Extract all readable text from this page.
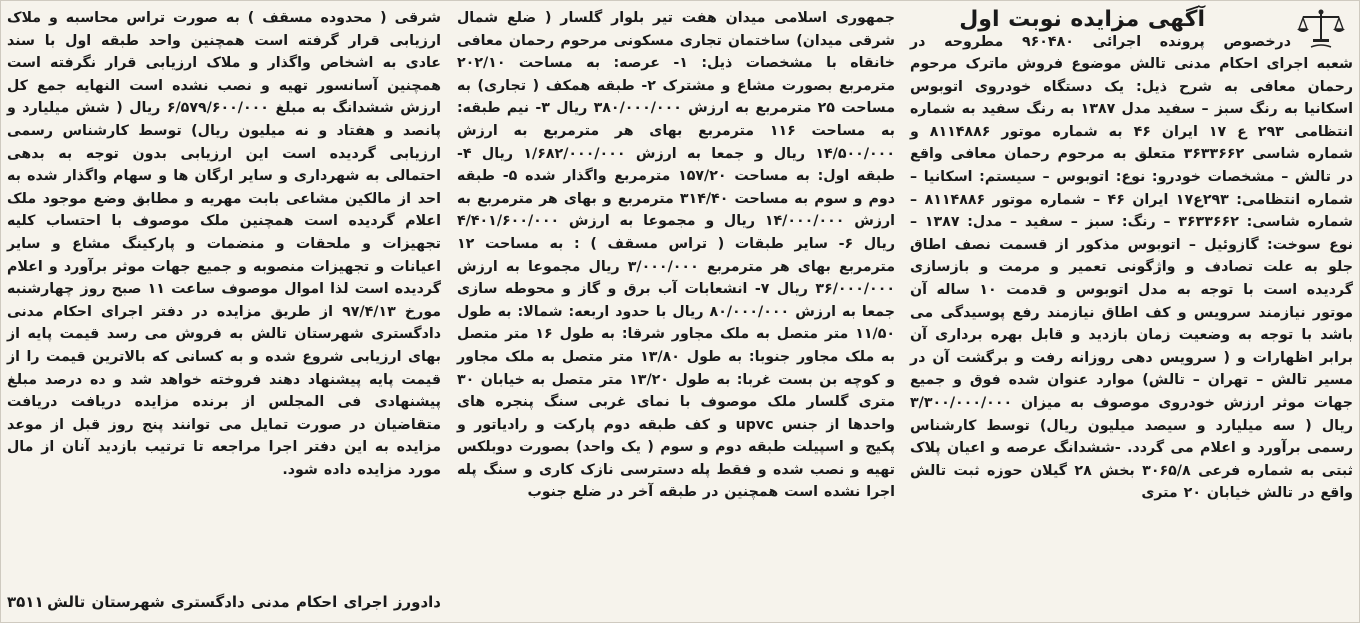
آگهی مزایده نوبت اول
درخصوص پرونده اجرائی ۹۶۰۴۸۰ مطروحه در

شعبه اجرای احکام مدنی تالش موضوع فروش ماترک مرحوم رحمان معافی به شرح ذیل: یک دستگاه خودروی اتوبوس اسکانیا به رنگ سبز – سفید مدل ۱۳۸۷ به رنگ سفید به شماره انتظامی ۲۹۳ ع ۱۷ ایران ۴۶ به شماره موتور ۸۱۱۴۸۸۶ و شماره شاسی ۳۶۳۳۶۶۲ متعلق به مرحوم رحمان معافی واقع در تالش – مشخصات خودرو: نوع: اتوبوس – سیستم: اسکانیا – شماره انتظامی: ۲۹۳ع۱۷ ایران ۴۶ – شماره موتور ۸۱۱۴۸۸۶ – شماره شاسی: ۳۶۳۳۶۶۲ – رنگ: سبز – سفید – مدل: ۱۳۸۷ – نوع سوخت: گازوئیل – اتوبوس مذکور از قسمت نصف اطاق جلو به علت تصادف و واژگونی تعمیر و مرمت و بازسازی گردیده است با توجه به مدل اتوبوس و قدمت ۱۰ ساله آن موتور نیازمند سرویس و کف اطاق نیازمند رفع پوسیدگی می باشد با توجه به وضعیت زمان بازدید و قابل بهره برداری آن برابر اظهارات و ( سرویس دهی روزانه رفت و برگشت آن در مسیر تالش – تهران – تالش) موارد عنوان شده فوق و جمیع جهات موثر ارزش خودروی موصوف به میزان ۳/۳۰۰/۰۰۰/۰۰۰ ریال ( سه میلیارد و سیصد میلیون ریال) توسط کارشناس رسمی برآورد و اعلام می گردد. -ششدانگ عرصه و اعیان پلاک ثبتی به شماره فرعی ۳۰۶۵/۸ بخش ۲۸ گیلان حوزه ثبت تالش واقع در تالش خیابان ۲۰ متری

جمهوری اسلامی میدان هفت تیر بلوار گلسار ( ضلع شمال شرقی میدان) ساختمان تجاری مسکونی مرحوم رحمان معافی خانقاه با مشخصات ذیل: ۱- عرصه: به مساحت ۲۰۲/۱۰ مترمربع بصورت مشاع و مشترک ۲- طبقه همکف ( تجاری) به مساحت ۲۵ مترمربع به ارزش ۳۸۰/۰۰۰/۰۰۰ ریال ۳- نیم طبقه: به مساحت ۱۱۶ مترمربع بهای هر مترمربع به ارزش ۱۴/۵۰۰/۰۰۰ ریال و جمعا به ارزش ۱/۶۸۲/۰۰۰/۰۰۰ ریال ۴- طبقه اول: به مساحت ۱۵۷/۲۰ مترمربع واگذار شده ۵- طبقه دوم و سوم به مساحت ۳۱۴/۴۰ مترمربع و بهای هر مترمربع به ارزش ۱۴/۰۰۰/۰۰۰ ریال و مجموعا به ارزش ۴/۴۰۱/۶۰۰/۰۰۰ ریال ۶- سایر طبقات ( تراس مسقف ) : به مساحت ۱۲ مترمربع بهای هر مترمربع ۳/۰۰۰/۰۰۰ ریال مجموعا به ارزش ۳۶/۰۰۰/۰۰۰ ریال ۷- انشعابات آب برق و گاز و محوطه سازی جمعا به ارزش ۸۰/۰۰۰/۰۰۰ ریال با حدود اربعه: شمالا: به طول ۱۱/۵۰ متر متصل به ملک مجاور شرقا: به طول ۱۶ متر متصل به ملک مجاور جنوبا: به طول ۱۳/۸۰ متر متصل به ملک مجاور و کوچه بن بست غربا: به طول ۱۳/۲۰ متر متصل به خیابان ۳۰ متری گلسار ملک موصوف با نمای غربی سنگ پنجره های واحدها از جنس upvc و کف طبقه دوم پارکت و رادیاتور و پکیج و اسپیلت طبقه دوم و سوم ( یک واحد) بصورت دوبلکس تهیه و نصب شده و فقط پله دسترسی نازک کاری و سنگ پله اجرا نشده است همچنین در طبقه آخر در ضلع جنوب

شرقی ( محدوده مسقف ) به صورت تراس محاسبه و ملاک ارزیابی قرار گرفته است همچنین واحد طبقه اول با سند عادی به اشخاص واگذار و ملاک ارزیابی قرار نگرفته است همچنین آسانسور تهیه و نصب نشده است النهایه جمع کل ارزش ششدانگ به مبلغ ۶/۵۷۹/۶۰۰/۰۰۰ ریال ( شش میلیارد و پانصد و هفتاد و نه میلیون ریال) توسط کارشناس رسمی ارزیابی گردیده است این ارزیابی بدون توجه به بدهی احتمالی به شهرداری و سایر ارگان ها و سهام واگذار شده به احد از مالکین مشاعی بابت مهریه و مطابق وضع موجود ملک اعلام گردیده است همچنین ملک موصوف با احتساب کلیه تجهیزات و ملحقات و منضمات و پارکینگ مشاع و سایر اعیانات و تجهیزات منصوبه و جمیع جهات موثر برآورد و اعلام گردیده است لذا اموال موصوف ساعت ۱۱ صبح روز چهارشنبه مورخ ۹۷/۴/۱۳ از طریق مزایده در دفتر اجرای احکام مدنی دادگستری شهرستان تالش به فروش می رسد قیمت پایه از بهای ارزیابی شروع شده و به کسانی که بالاترین قیمت را از قیمت پایه پیشنهاد دهند فروخته خواهد شد و ده درصد مبلغ پیشنهادی فی المجلس از برنده مزایده دریافت دریافت متقاضیان در صورت تمایل می توانند پنج روز قبل از موعد مزایده به این دفتر اجرا مراجعه تا ترتیب بازدید آنان از مال مورد مزایده داده شود.

دادورز اجرای احکام مدنی دادگستری شهرستان تالش
۳۵۱۱
